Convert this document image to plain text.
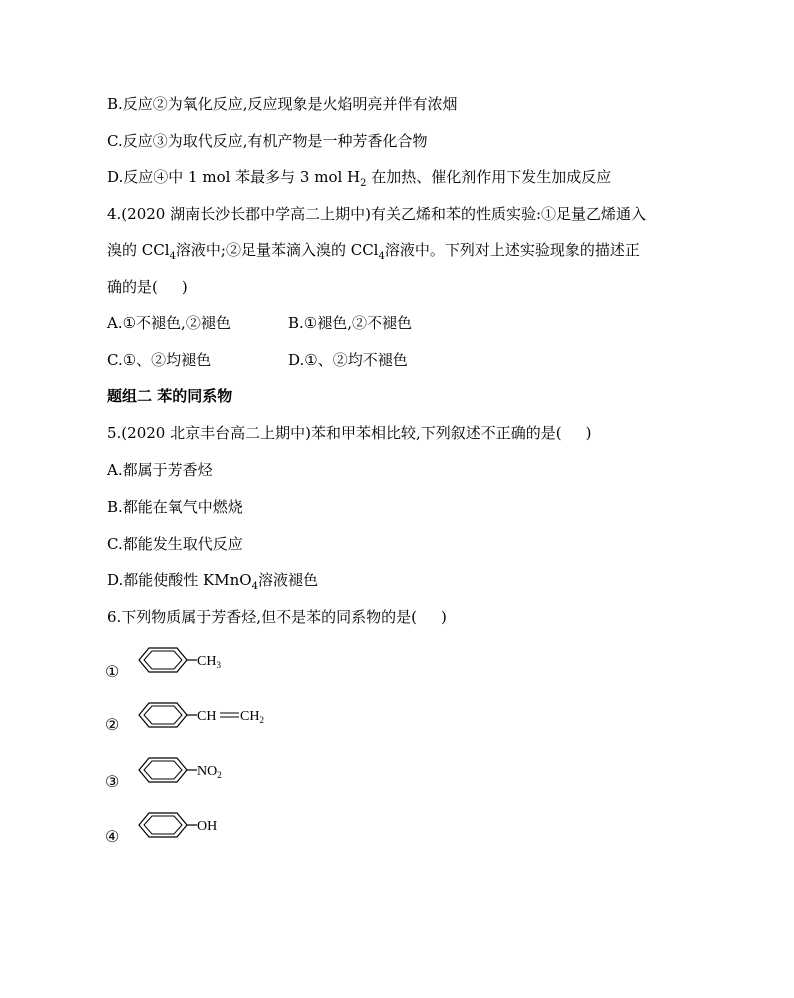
B.反应②为氧化反应,反应现象是火焰明亮并伴有浓烟
C.反应③为取代反应,有机产物是一种芳香化合物
D.反应④中 1 mol 苯最多与 3 mol $H_2$ 在加热、催化剂作用下发生加成反应
4.(2020 湖南长沙长郡中学高二上期中)有关乙烯和苯的性质实验:①足量乙烯通入
溴的 CCl$_4$溶液中;②足量苯滴入溴的 CCl$_4$溶液中。下列对上述实验现象的描述正
确的是( )
A.①不褪色,②褪色	B.①褪色,②不褪色
C.①、②均褪色	D.①、②均不褪色
题组二 苯的同系物
5.(2020 北京丰台高二上期中)苯和甲苯相比较,下列叙述不正确的是( )
A.都属于芳香烃
B.都能在氧气中燃烧
C.都能发生取代反应
D.都能使酸性 KMnO$_4$溶液褪色
6.下列物质属于芳香烃,但不是苯的同系物的是( )
①
$CH_3$
②	CH $CH_2$
③
$NO_2$
④
OH
